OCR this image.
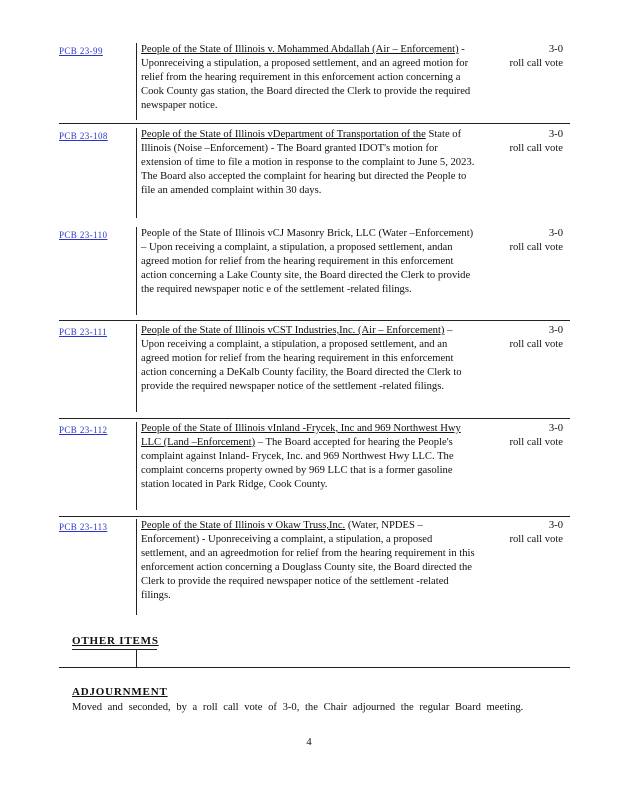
PCB 23-99	People of the State of Illinois v. Mohammed Abdallah (Air – Enforcement) - Uponreceiving a stipulation, a proposed settlement, and an agreed motion for relief from the hearing requirement in this enforcement action concerning a Cook County gas station, the Board directed the Clerk to provide the required newspaper notice.
3-0
roll call vote
PCB 23-108	People of the State of Illinois vDepartment of Transportation of the State of Illinois (Noise –Enforcement) - The Board granted IDOT's motion for extension of time to file a motion in response to the complaint to June 5, 2023. The Board also accepted the complaint for hearing but directed the People to file an amended complaint within 30 days.
3-0
roll call vote
PCB 23-110	People of the State of Illinois vCJ Masonry Brick, LLC (Water –Enforcement) – Upon receiving a complaint, a stipulation, a proposed settlement, andan agreed motion for relief from the hearing requirement in this enforcement action concerning a Lake County site, the Board directed the Clerk to provide the required newspaper notic e of the settlement -related filings.
3-0
roll call vote
PCB 23-111	People of the State of Illinois vCST Industries,Inc. (Air – Enforcement) – Upon receiving a complaint, a stipulation, a proposed settlement, and an agreed motion for relief from the hearing requirement in this enforcement action concerning a DeKalb County facility, the Board directed the Clerk to provide the required newspaper notice of the settlement -related filings.
3-0
roll call vote
PCB 23-112	People of the State of Illinois vInland -Frycek, Inc and 969 Northwest Hwy LLC (Land –Enforcement) – The Board accepted for hearing the People's complaint against Inland- Frycek, Inc. and 969 Northwest Hwy LLC. The complaint concerns property owned by 969 LLC that is a former gasoline station located in Park Ridge, Cook County.
3-0
roll call vote
PCB 23-113	People of the State of Illinois v Okaw Truss,Inc. (Water, NPDES – Enforcement) - Uponreceiving a complaint, a stipulation, a proposed settlement, and an agreedmotion for relief from the hearing requirement in this enforcement action concerning a Douglass County site, the Board directed the Clerk to provide the required newspaper notice of the settlement -related filings.
3-0
roll call vote
OTHER ITEMS
ADJOURNMENT
Moved and seconded, by a roll call vote of 3-0, the Chair adjourned the regular Board meeting.
4
